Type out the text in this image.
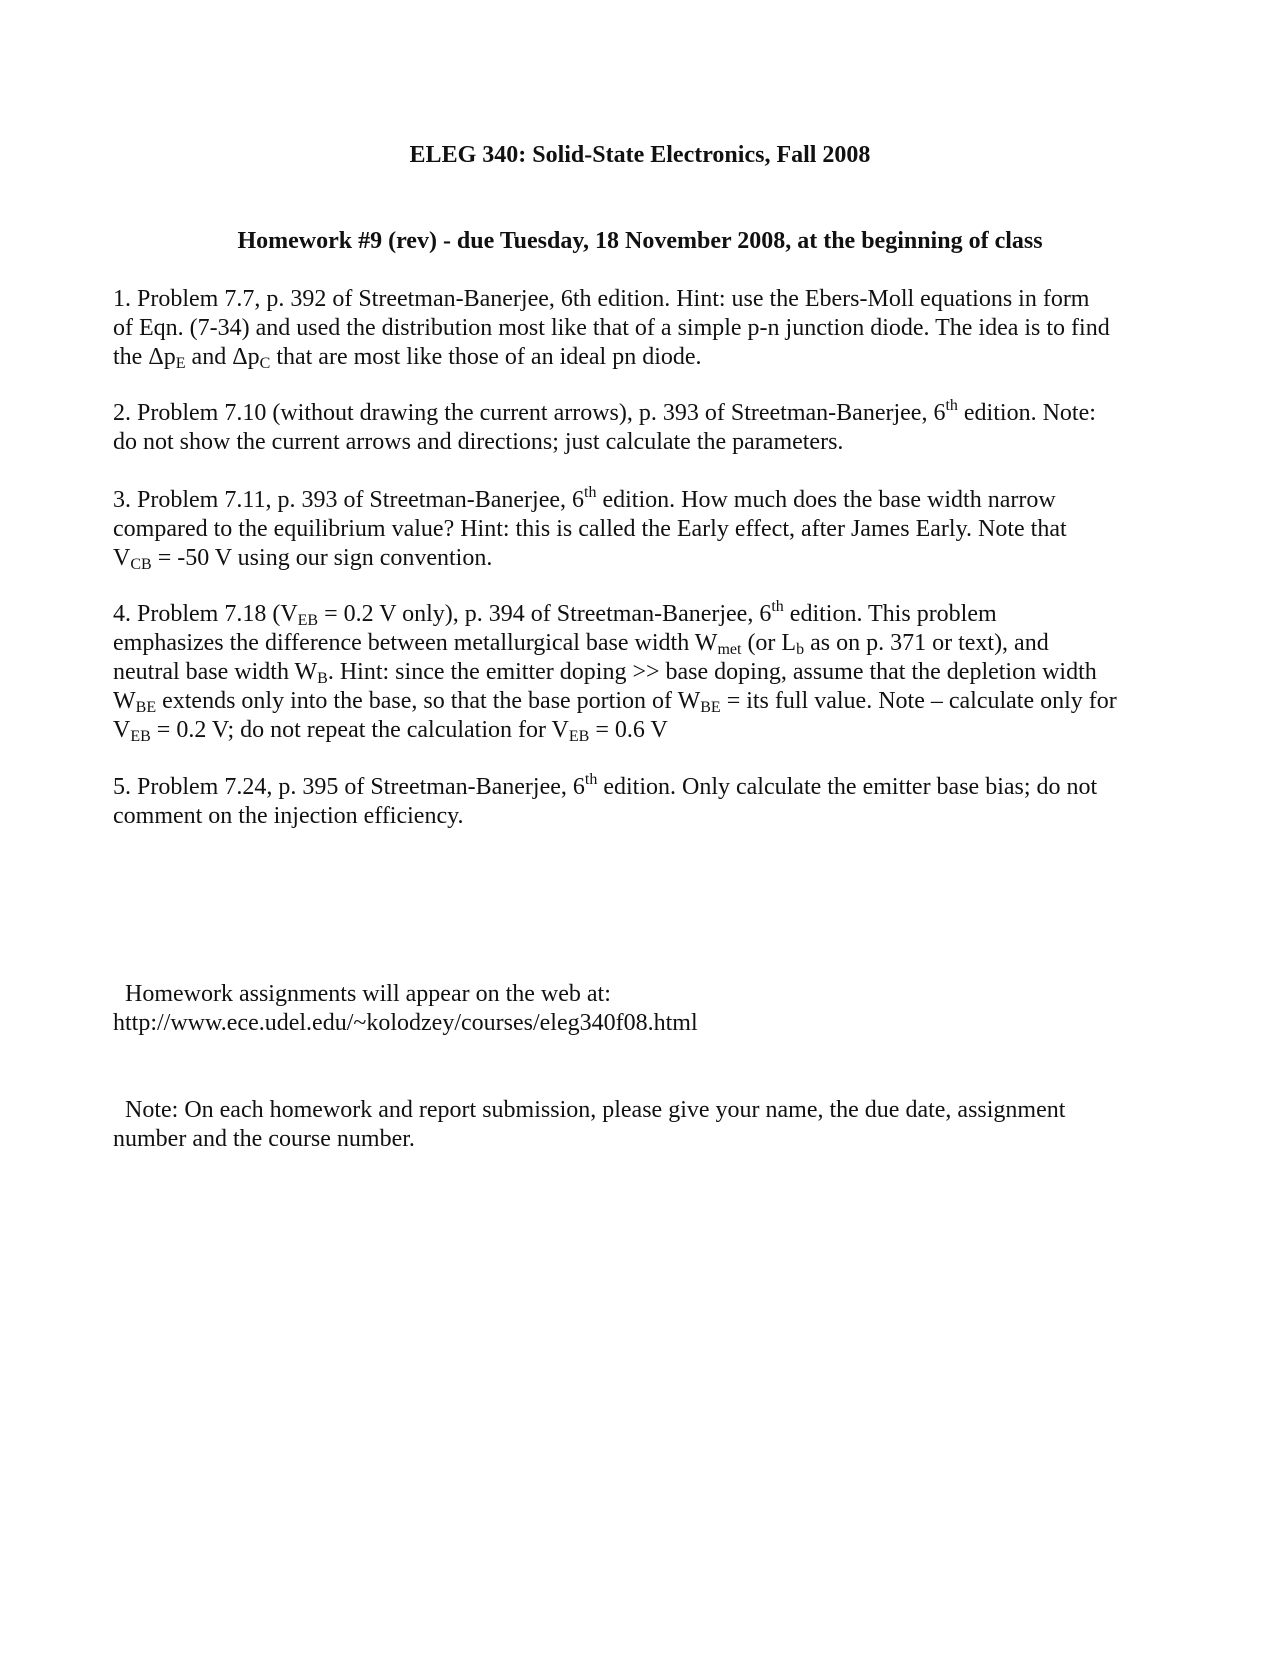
ELEG 340: Solid-State Electronics, Fall 2008
Homework #9 (rev) - due Tuesday, 18 November 2008, at the beginning of class
1. Problem 7.7, p. 392 of Streetman-Banerjee, 6th edition. Hint: use the Ebers-Moll equations in form
of Eqn. (7-34) and used the distribution most like that of a simple p-n junction diode. The idea is to find
the $\Delta p_E$ and $\Delta p_C$ that are most like those of an ideal pn diode.
2. Problem 7.10 (without drawing the current arrows), p. 393 of Streetman-Banerjee, 6th edition. Note:
do not show the current arrows and directions; just calculate the parameters.
3. Problem 7.11, p. 393 of Streetman-Banerjee, 6th edition. How much does the base width narrow
compared to the equilibrium value? Hint: this is called the Early effect, after James Early. Note that
$V_{CB} = -50$ V using our sign convention.
4. Problem 7.18 ($V_{EB} = 0.2$ V only), p. 394 of Streetman-Banerjee, 6th edition. This problem
emphasizes the difference between metallurgical base width $W_{met}$ (or $L_b$ as on p. 371 or text), and
neutral base width $W_B$. Hint: since the emitter doping >> base doping, assume that the depletion width
$W_{BE}$ extends only into the base, so that the base portion of $W_{BE}$ = its full value. Note – calculate only for
$V_{EB} = 0.2$ V; do not repeat the calculation for $V_{EB} = 0.6$ V
5. Problem 7.24, p. 395 of Streetman-Banerjee, 6th edition. Only calculate the emitter base bias; do not
comment on the injection efficiency.
Homework assignments will appear on the web at:
http://www.ece.udel.edu/~kolodzey/courses/eleg340f08.html
Note: On each homework and report submission, please give your name, the due date, assignment
number and the course number.
